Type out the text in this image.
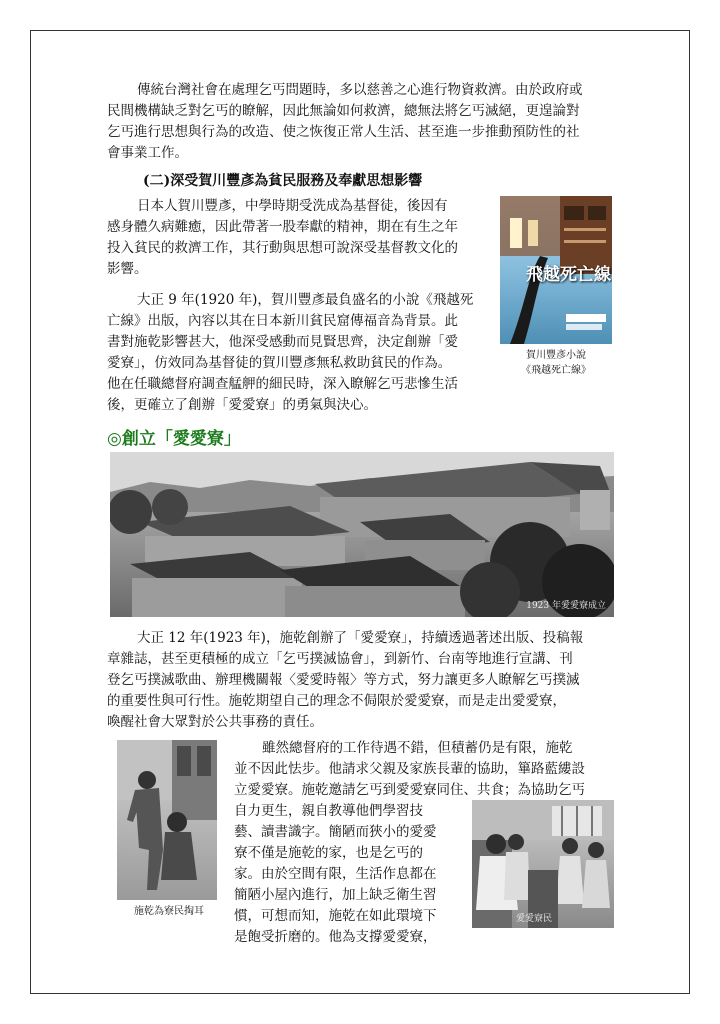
傳統台灣社會在處理乞丐問題時，多以慈善之心進行物資救濟。由於政府或
民間機構缺乏對乞丐的瞭解，因此無論如何救濟，總無法將乞丐滅絕，更遑論對
乞丐進行思想與行為的改造、使之恢復正常人生活、甚至進一步推動預防性的社
會事業工作。
(二)深受賀川豐彥為貧民服務及奉獻思想影響
日本人賀川豐彥，中學時期受洗成為基督徒，後因有
感身體久病難癒，因此帶著一股奉獻的精神，期在有生之年
投入貧民的救濟工作，其行動與思想可說深受基督教文化的
影響。
大正 9 年(1920 年)，賀川豐彥最負盛名的小說《飛越死
亡線》出版，內容以其在日本新川貧民窟傳福音為背景。此
書對施乾影響甚大，他深受感動而見賢思齊，決定創辦「愛
愛寮」，仿效同為基督徒的賀川豐彥無私救助貧民的作為。
他在任職總督府調查艋舺的細民時，深入瞭解乞丐悲慘生活
後，更確立了創辦「愛愛寮」的勇氣與決心。
飛越死亡線
賀川豐彥小說
《飛越死亡線》
◎創立「愛愛寮」
1923 年愛愛寮成立
大正 12 年(1923 年)，施乾創辦了「愛愛寮」，持續透過著述出版、投稿報
章雜誌，甚至更積極的成立「乞丐撲滅協會」，到新竹、台南等地進行宣講、刊
登乞丐撲滅歌曲、辦理機關報〈愛愛時報〉等方式，努力讓更多人瞭解乞丐撲滅
的重要性與可行性。施乾期望自己的理念不侷限於愛愛寮，而是走出愛愛寮，
喚醒社會大眾對於公共事務的責任。
施乾為寮民掏耳
雖然總督府的工作待遇不錯，但積蓄仍是有限，施乾
並不因此怯步。他請求父親及家族長輩的協助，篳路藍縷設
立愛愛寮。施乾邀請乞丐到愛愛寮同住、共食；為協助乞丐
自力更生，親自教導他們學習技
藝、讀書識字。簡陋而狹小的愛愛
寮不僅是施乾的家，也是乞丐的
家。由於空間有限，生活作息都在
簡陋小屋內進行，加上缺乏衛生習
慣，可想而知，施乾在如此環境下
是飽受折磨的。他為支撐愛愛寮，
愛愛寮民
